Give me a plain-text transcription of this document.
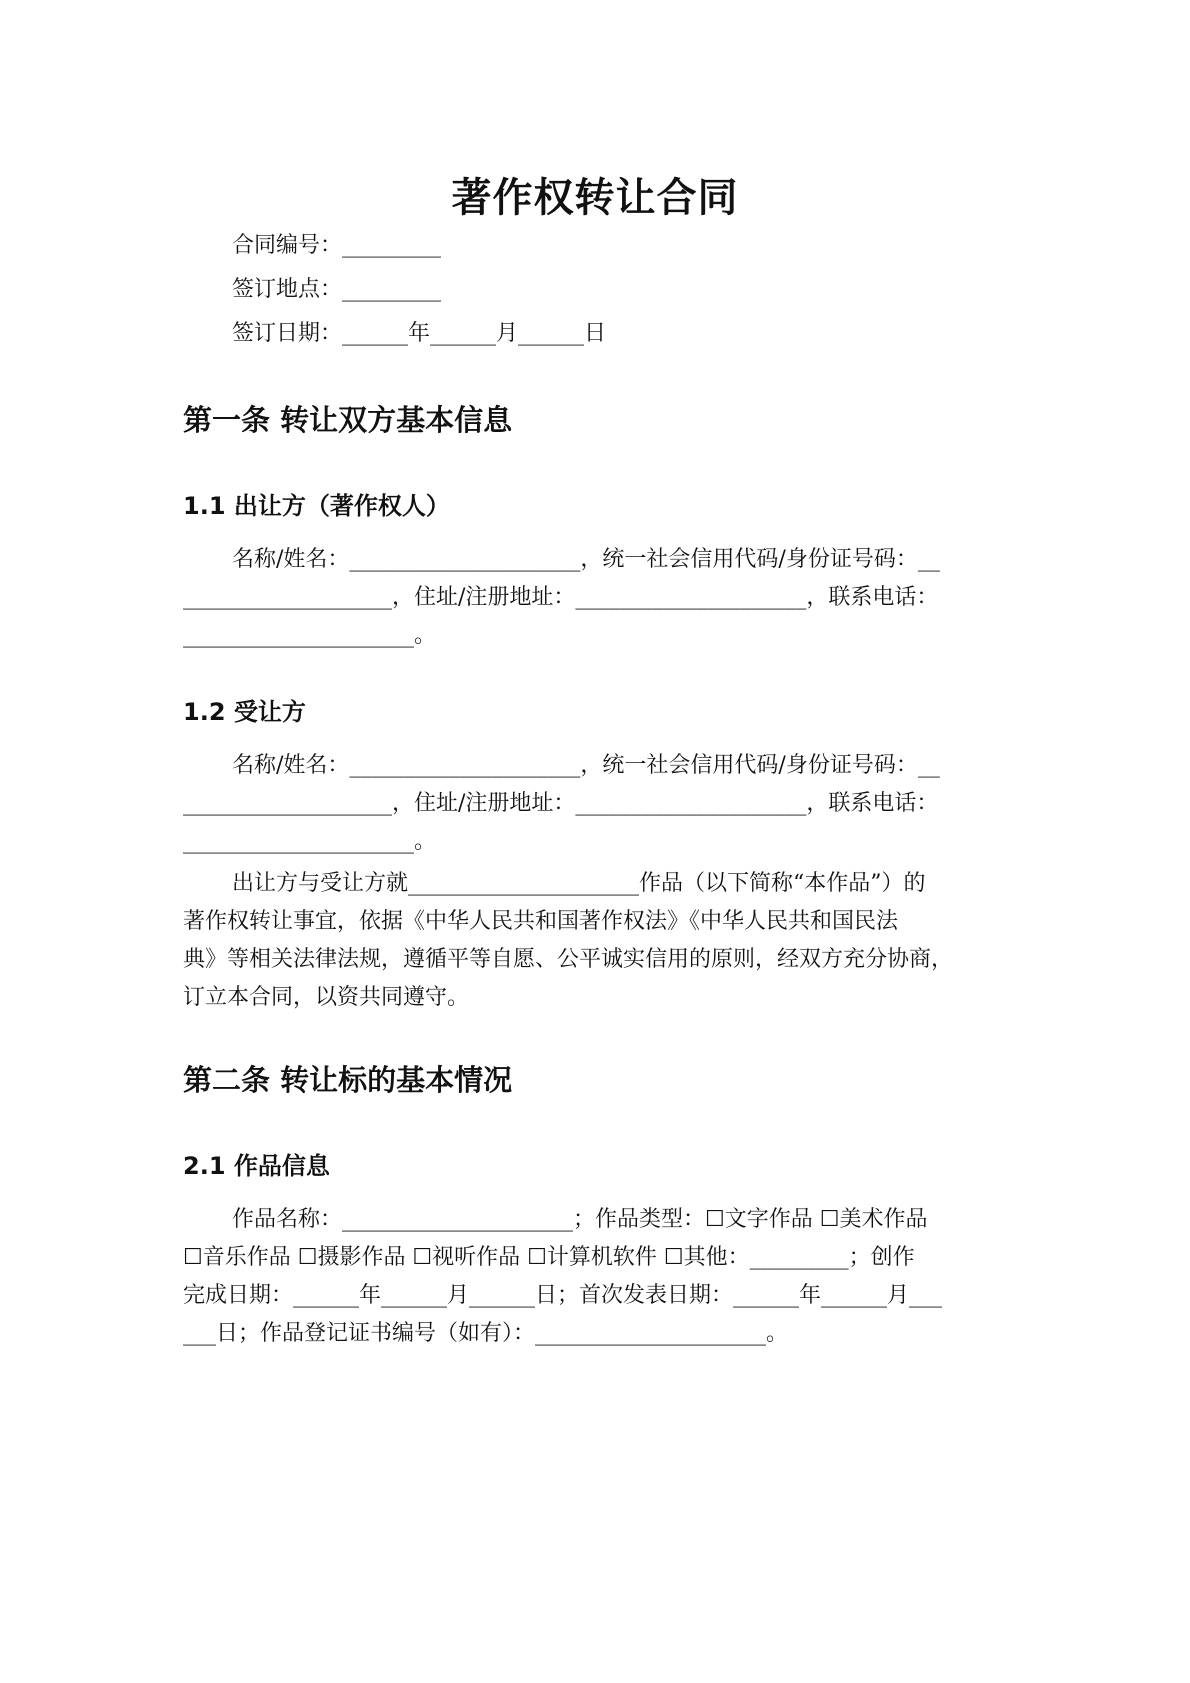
著作权转让合同
合同编号：_________
签订地点：_________
签订日期：______年______月______日
第一条 转让双方基本信息
1.1 出让方（著作权人）
名称/姓名：_____________________，统一社会信用代码/身份证号码：__
___________________，住址/注册地址：_____________________，联系电话：
_____________________。
1.2 受让方
名称/姓名：_____________________，统一社会信用代码/身份证号码：__
___________________，住址/注册地址：_____________________，联系电话：
_____________________。
出让方与受让方就_____________________作品（以下简称“本作品”）的
著作权转让事宜，依据《中华人民共和国著作权法》《中华人民共和国民法
典》等相关法律法规，遵循平等自愿、公平诚实信用的原则，经双方充分协商，
订立本合同，以资共同遵守。
第二条 转让标的基本情况
2.1 作品信息
作品名称：_____________________；作品类型：☐文字作品 ☐美术作品
☐音乐作品 ☐摄影作品 ☐视听作品 ☐计算机软件 ☐其他：_________；创作
完成日期：______年______月______日；首次发表日期：______年______月___
___日；作品登记证书编号（如有）：_____________________。
